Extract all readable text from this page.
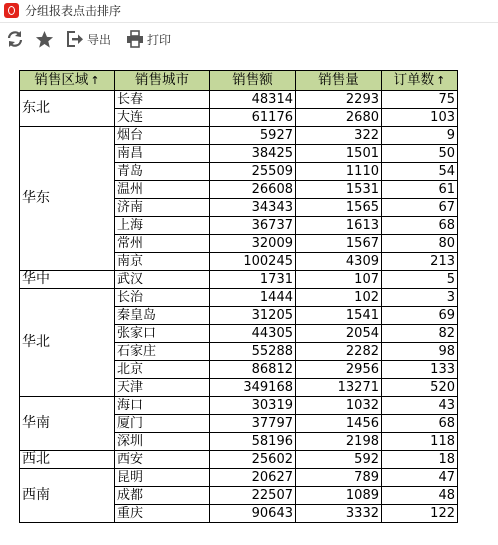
分组报表点击排序
导出	打印
销售区域 ↑	销售城市	销售额	销售量	订单数 ↑
东北	长春	48314	2293	75
	大连	61176	2680	103
华东	烟台	5927	322	9
	南昌	38425	1501	50
	青岛	25509	1110	54
	温州	26608	1531	61
	济南	34343	1565	67
	上海	36737	1613	68
	常州	32009	1567	80
	南京	100245	4309	213
华中	武汉	1731	107	5
华北	长治	1444	102	3
	秦皇岛	31205	1541	69
	张家口	44305	2054	82
	石家庄	55288	2282	98
	北京	86812	2956	133
	天津	349168	13271	520
华南	海口	30319	1032	43
	厦门	37797	1456	68
	深圳	58196	2198	118
西北	西安	25602	592	18
西南	昆明	20627	789	47
	成都	22507	1089	48
	重庆	90643	3332	122
